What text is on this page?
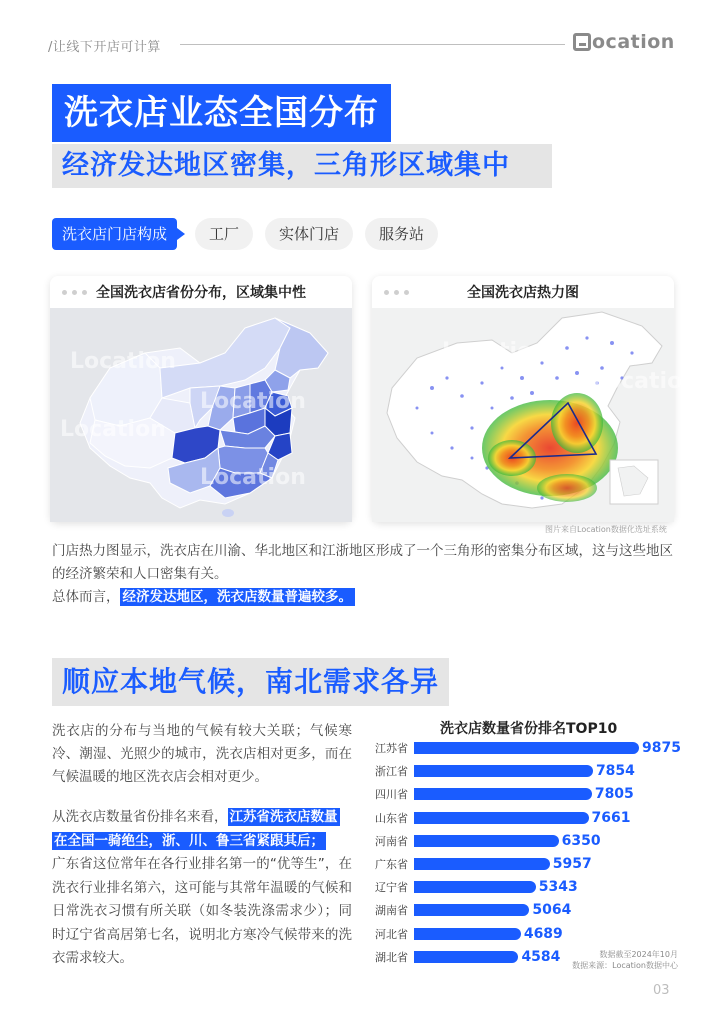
/让线下开店可计算	ocation
洗衣店业态全国分布
经济发达地区密集，三角形区域集中
洗衣店门店构成	工厂	实体门店	服务站
全国洗衣店省份分布，区域集中性
Location
Location
Location
Location
全国洗衣店热力图
Location
Location
图片来自Location数据化选址系统
门店热力图显示，洗衣店在川渝、华北地区和江浙地区形成了一个三角形的密集分布区域，这与这些地区的经济繁荣和人口密集有关。
总体而言， 经济发达地区，洗衣店数量普遍较多。
顺应本地气候，南北需求各异
洗衣店的分布与当地的气候有较大关联；气候寒冷、潮湿、光照少的城市，洗衣店相对更多，而在气候温暖的地区洗衣店会相对更少。
从洗衣店数量省份排名来看， 江苏省洗衣店数量
在全国一骑绝尘，浙、川、鲁三省紧跟其后；
广东省这位常年在各行业排名第一的“优等生”，在洗衣行业排名第六，这可能与其常年温暖的气候和日常洗衣习惯有所关联（如冬装洗涤需求少）；同时辽宁省高居第七名，说明北方寒冷气候带来的洗衣需求较大。
洗衣店数量省份排名TOP10
江苏省	9875
浙江省	7854
四川省	7805
山东省	7661
河南省	6350
广东省	5957
辽宁省	5343
湖南省	5064
河北省	4689
湖北省	4584	数据截至2024年10月
数据来源：Location数据中心
03
